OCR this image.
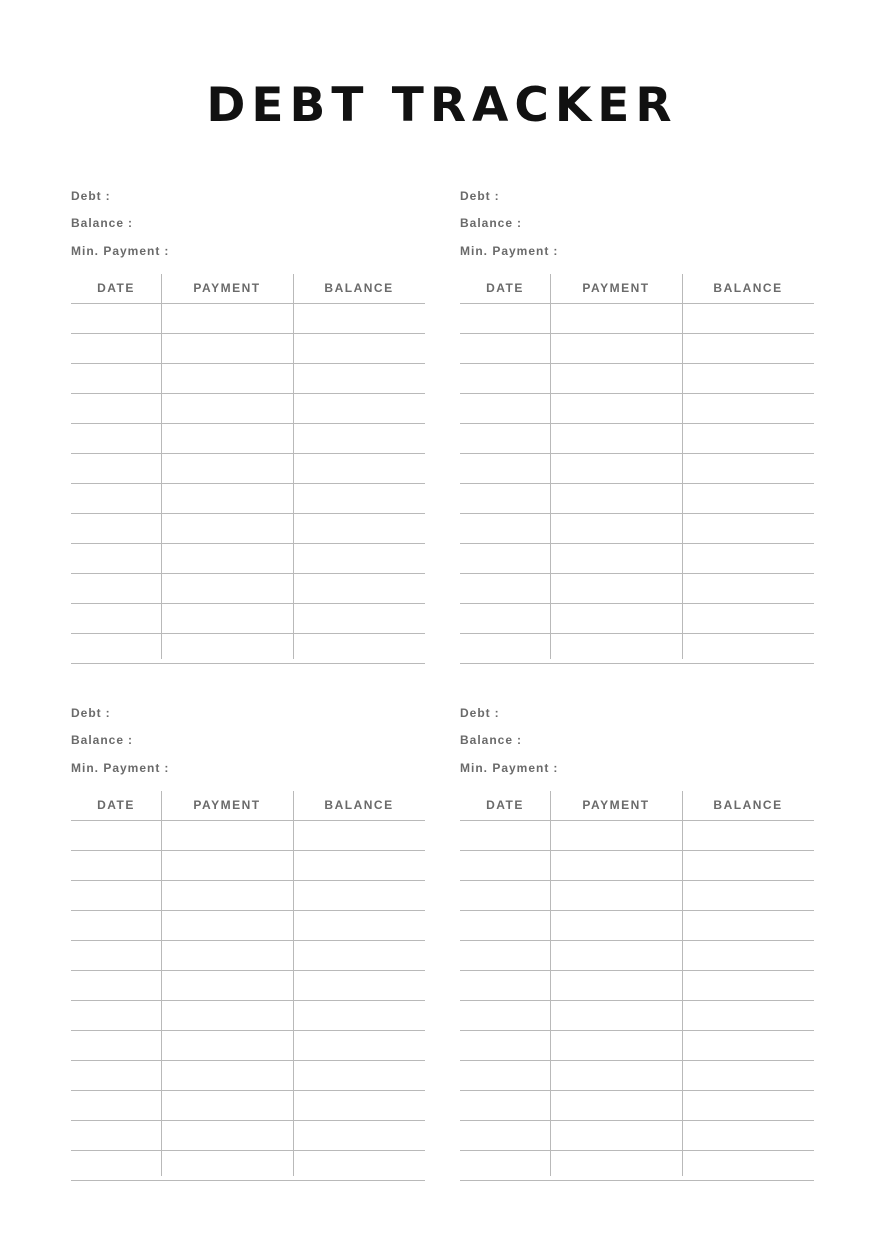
DEBT TRACKER
Debt :
Balance :
Min. Payment :
DATE	PAYMENT	BALANCE
Debt :
Balance :
Min. Payment :
DATE	PAYMENT	BALANCE
Debt :
Balance :
Min. Payment :
DATE	PAYMENT	BALANCE
Debt :
Balance :
Min. Payment :
DATE	PAYMENT	BALANCE
